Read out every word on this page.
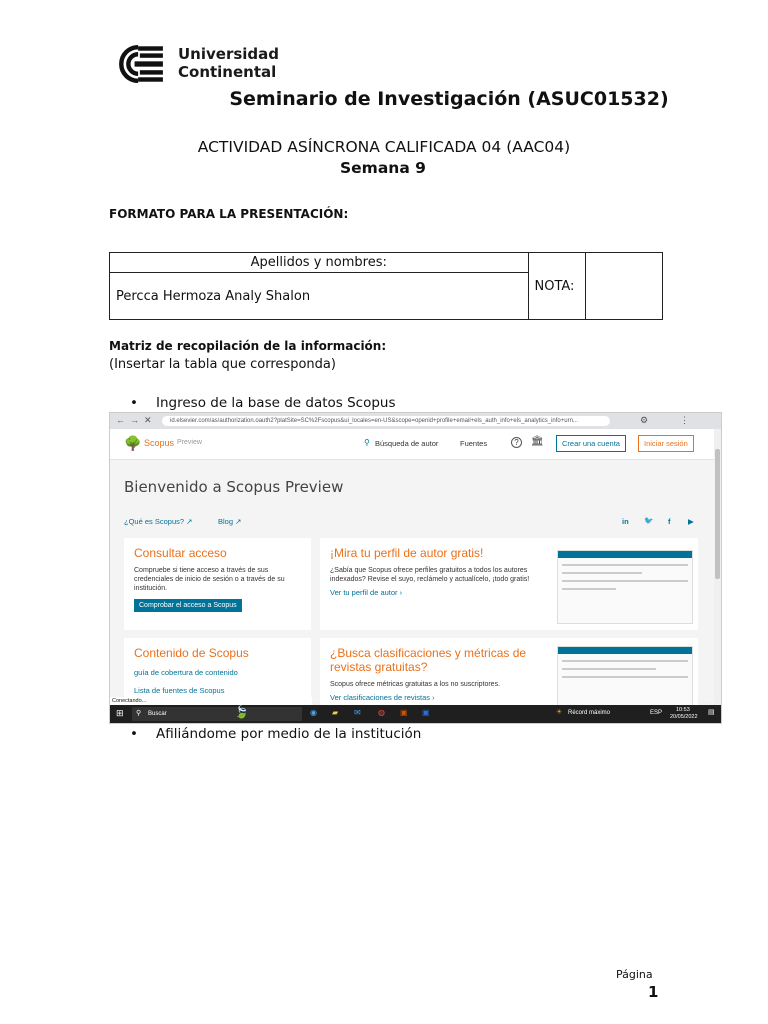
Universidad
Continental
Seminario de Investigación (ASUC01532)
ACTIVIDAD ASÍNCRONA CALIFICADA 04 (AAC04)
Semana 9
FORMATO PARA LA PRESENTACIÓN:
Apellidos y nombres:	NOTA:	
Percca Hermoza Analy Shalon
Matriz de recopilación de la información:
(Insertar la tabla que corresponda)
• Ingreso de la base de datos Scopus
← → ✕	id.elsevier.com/as/authorization.oauth2?platSite=SC%2Fscopus&ui_locales=en-US&scope=openid+profile+email+els_auth_info+els_analytics_info+urn...	⚙	⋮
🌳 Scopus Preview	⚲ Búsqueda de autor	Fuentes	?	🏛	Crear una cuenta	Iniciar sesión
Bienvenido a Scopus Preview
¿Qué es Scopus? ↗	Blog ↗	in 🐦 f ▶
Consultar acceso

Compruebe si tiene acceso a través de sus credenciales de inicio de sesión o a través de su institución.

Comprobar el acceso a Scopus
¡Mira tu perfil de autor gratis!

¿Sabía que Scopus ofrece perfiles gratuitos a todos los autores indexados? Revise el suyo, reclámelo y actualícelo, ¡todo gratis!

Ver tu perfil de autor ›
Contenido de Scopus
guía de cobertura de contenido
Lista de fuentes de Scopus
¿Busca clasificaciones y métricas de revistas gratuitas?

Scopus ofrece métricas gratuitas a los no suscriptores.

Ver clasificaciones de revistas ›
Conectando...
⊞ ⚲ Buscar	🍃	◉ ▰ ✉ ◍ ▣ ▣	☀ Récord máximo	ESP	10:53
20/05/2022
▤
• Afiliándome por medio de la institución
Página
1
